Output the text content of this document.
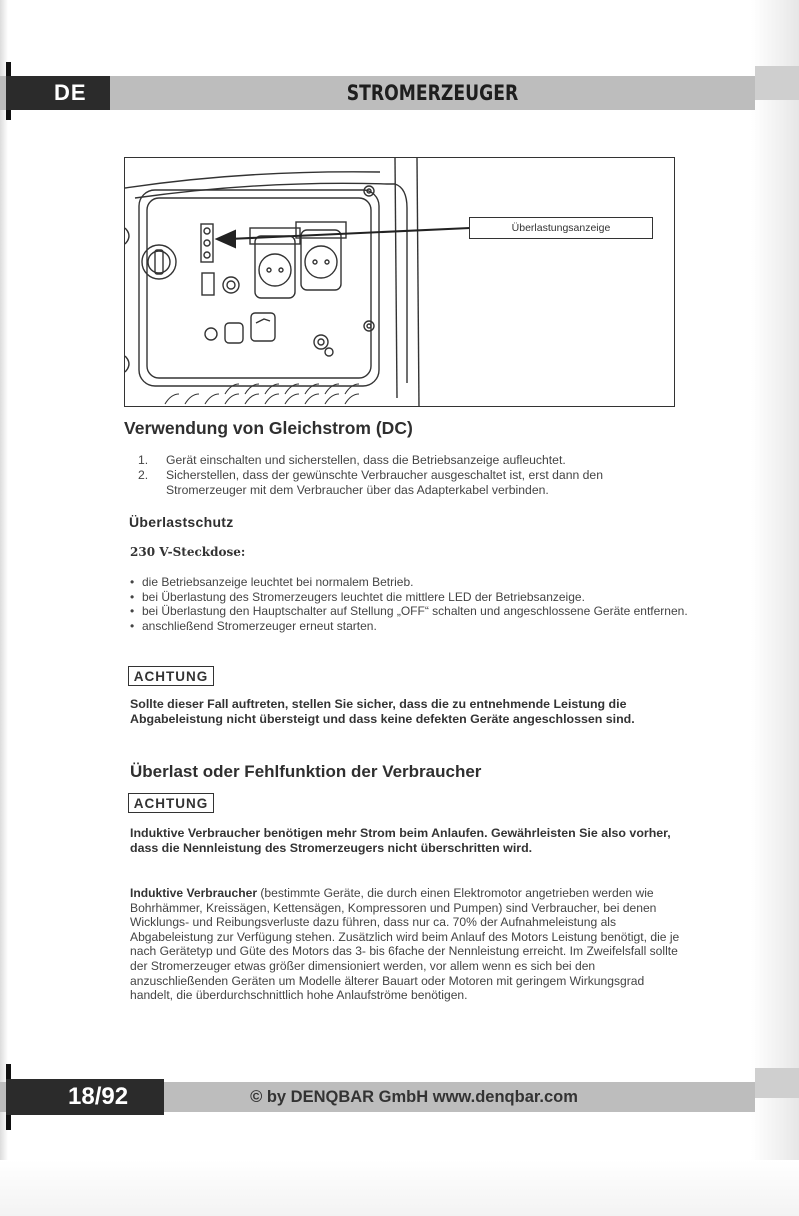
DE	STROMERZEUGER
Überlastungsanzeige
Verwendung von Gleichstrom (DC)
1.	Gerät einschalten und sicherstellen, dass die Betriebsanzeige aufleuchtet.
2.	Sicherstellen, dass der gewünschte Verbraucher ausgeschaltet ist, erst dann den Stromerzeuger mit dem Verbraucher über das Adapterkabel verbinden.
Überlastschutz
230 V-Steckdose:
• die Betriebsanzeige leuchtet bei normalem Betrieb.
• bei Überlastung des Stromerzeugers leuchtet die mittlere LED der Betriebsanzeige.
• bei Überlastung den Hauptschalter auf Stellung „OFF“ schalten und angeschlossene Geräte entfernen.
• anschließend Stromerzeuger erneut starten.
ACHTUNG
Sollte dieser Fall auftreten, stellen Sie sicher, dass die zu entnehmende Leistung die Abgabeleistung nicht übersteigt und dass keine defekten Geräte angeschlossen sind.
Überlast oder Fehlfunktion der Verbraucher
ACHTUNG
Induktive Verbraucher benötigen mehr Strom beim Anlaufen. Gewährleisten Sie also vorher, dass die Nennleistung des Stromerzeugers nicht überschritten wird.
Induktive Verbraucher (bestimmte Geräte, die durch einen Elektromotor angetrieben werden wie Bohrhämmer, Kreissägen, Kettensägen, Kompressoren und Pumpen) sind Verbraucher, bei denen Wicklungs- und Reibungsverluste dazu führen, dass nur ca. 70% der Aufnahmeleistung als Abgabeleistung zur Verfügung stehen. Zusätzlich wird beim Anlauf des Motors Leistung benötigt, die je nach Gerätetyp und Güte des Motors das 3- bis 6fache der Nennleistung erreicht. Im Zweifelsfall sollte der Stromerzeuger etwas größer dimensioniert werden, vor allem wenn es sich bei den anzuschließenden Geräten um Modelle älterer Bauart oder Motoren mit geringem Wirkungsgrad handelt, die überdurchschnittlich hohe Anlaufströme benötigen.
18/92	© by DENQBAR GmbH www.denqbar.com
